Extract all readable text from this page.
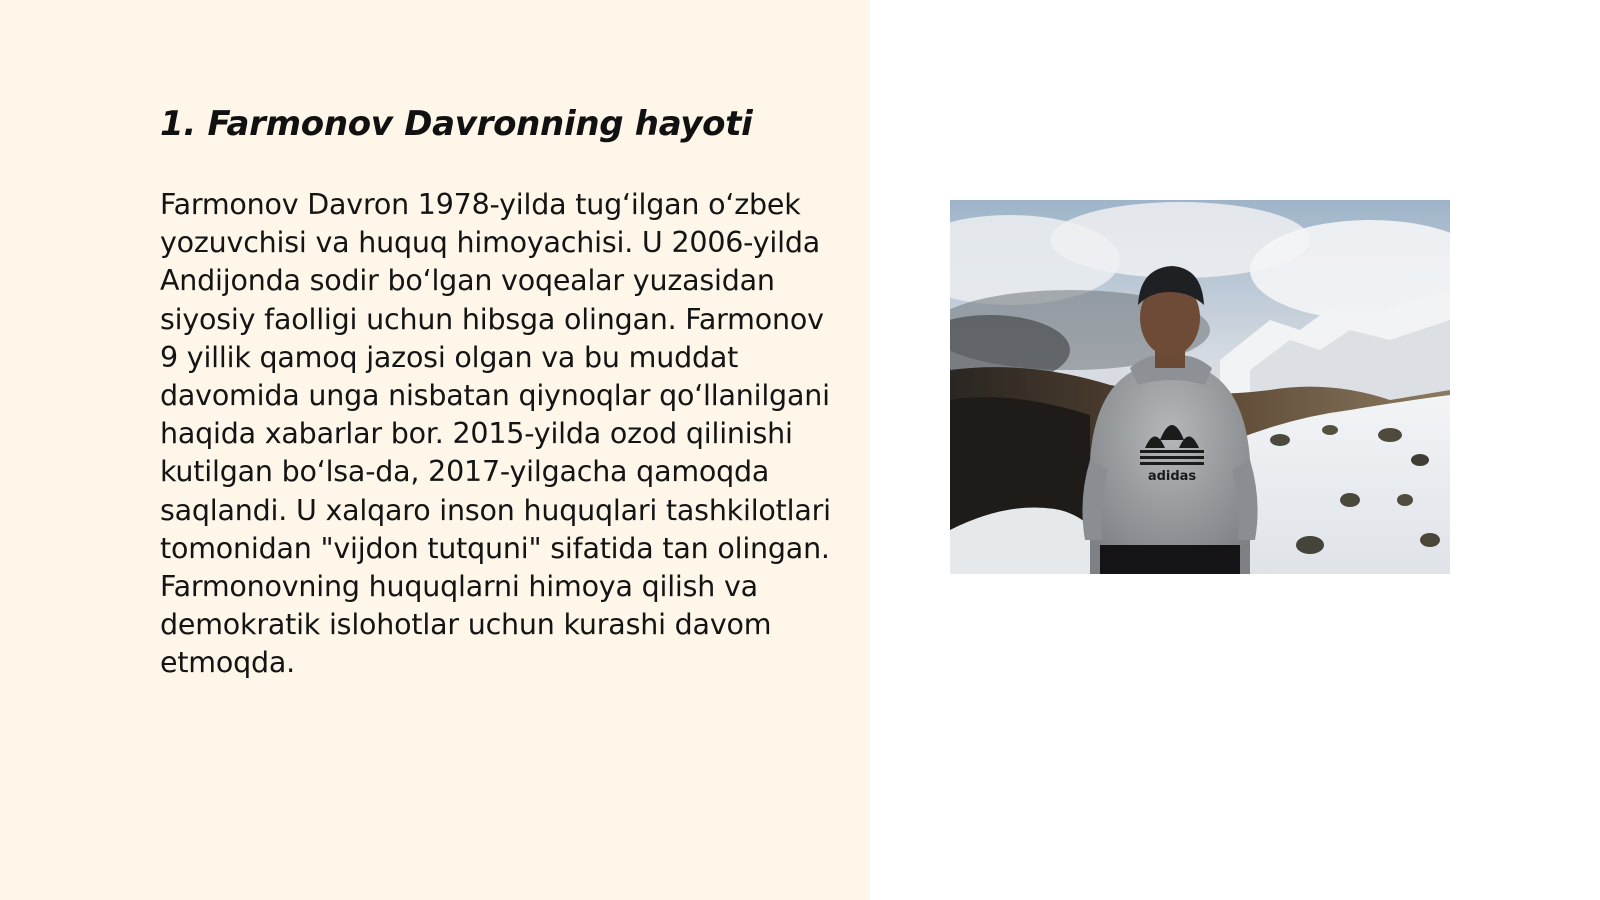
1. Farmonov Davronning hayoti

Farmonov Davron 1978-yilda tug‘ilgan o‘zbek yozuvchisi va huquq himoyachisi. U 2006-yilda Andijonda sodir bo‘lgan voqealar yuzasidan siyosiy faolligi uchun hibsga olingan. Farmonov 9 yillik qamoq jazosi olgan va bu muddat davomida unga nisbatan qiynoqlar qo‘llanilgani haqida xabarlar bor. 2015-yilda ozod qilinishi kutilgan bo‘lsa-da, 2017-yilgacha qamoqda saqlandi. U xalqaro inson huquqlari tashkilotlari tomonidan "vijdon tutquni" sifatida tan olingan. Farmonovning huquqlarni himoya qilish va demokratik islohotlar uchun kurashi davom etmoqda.

adidas
